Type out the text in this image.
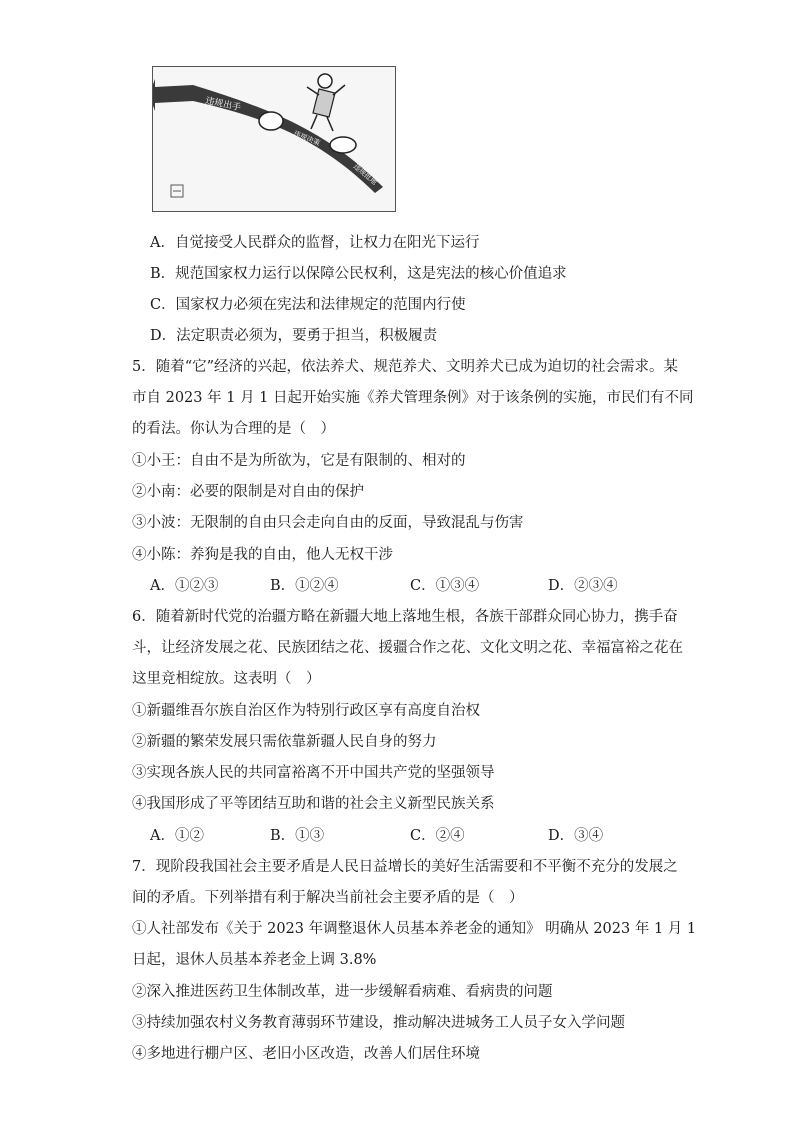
违规出手
违规决策
违规批地
A．自觉接受人民群众的监督，让权力在阳光下运行
B．规范国家权力运行以保障公民权利，这是宪法的核心价值追求
C．国家权力必须在宪法和法律规定的范围内行使
D．法定职责必须为，要勇于担当，积极履责
5．随着“它”经济的兴起，依法养犬、规范养犬、文明养犬已成为迫切的社会需求。某
市自 2023 年 1 月 1 日起开始实施《养犬管理条例》对于该条例的实施，市民们有不同
的看法。你认为合理的是（　）
①小王：自由不是为所欲为，它是有限制的、相对的
②小南：必要的限制是对自由的保护
③小波：无限制的自由只会走向自由的反面，导致混乱与伤害
④小陈：养狗是我的自由，他人无权干涉
A．①②③	B．①②④	C．①③④	D．②③④
6．随着新时代党的治疆方略在新疆大地上落地生根，各族干部群众同心协力，携手奋
斗，让经济发展之花、民族团结之花、援疆合作之花、文化文明之花、幸福富裕之花在
这里竞相绽放。这表明（　）
①新疆维吾尔族自治区作为特别行政区享有高度自治权
②新疆的繁荣发展只需依靠新疆人民自身的努力
③实现各族人民的共同富裕离不开中国共产党的坚强领导
④我国形成了平等团结互助和谐的社会主义新型民族关系
A．①②	B．①③	C．②④	D．③④
7．现阶段我国社会主要矛盾是人民日益增长的美好生活需要和不平衡不充分的发展之
间的矛盾。下列举措有利于解决当前社会主要矛盾的是（　）
①人社部发布《关于 2023 年调整退休人员基本养老金的通知》 明确从 2023 年 1 月 1
日起，退休人员基本养老金上调 3.8%
②深入推进医药卫生体制改革，进一步缓解看病难、看病贵的问题
③持续加强农村义务教育薄弱环节建设，推动解决进城务工人员子女入学问题
④多地进行棚户区、老旧小区改造，改善人们居住环境
